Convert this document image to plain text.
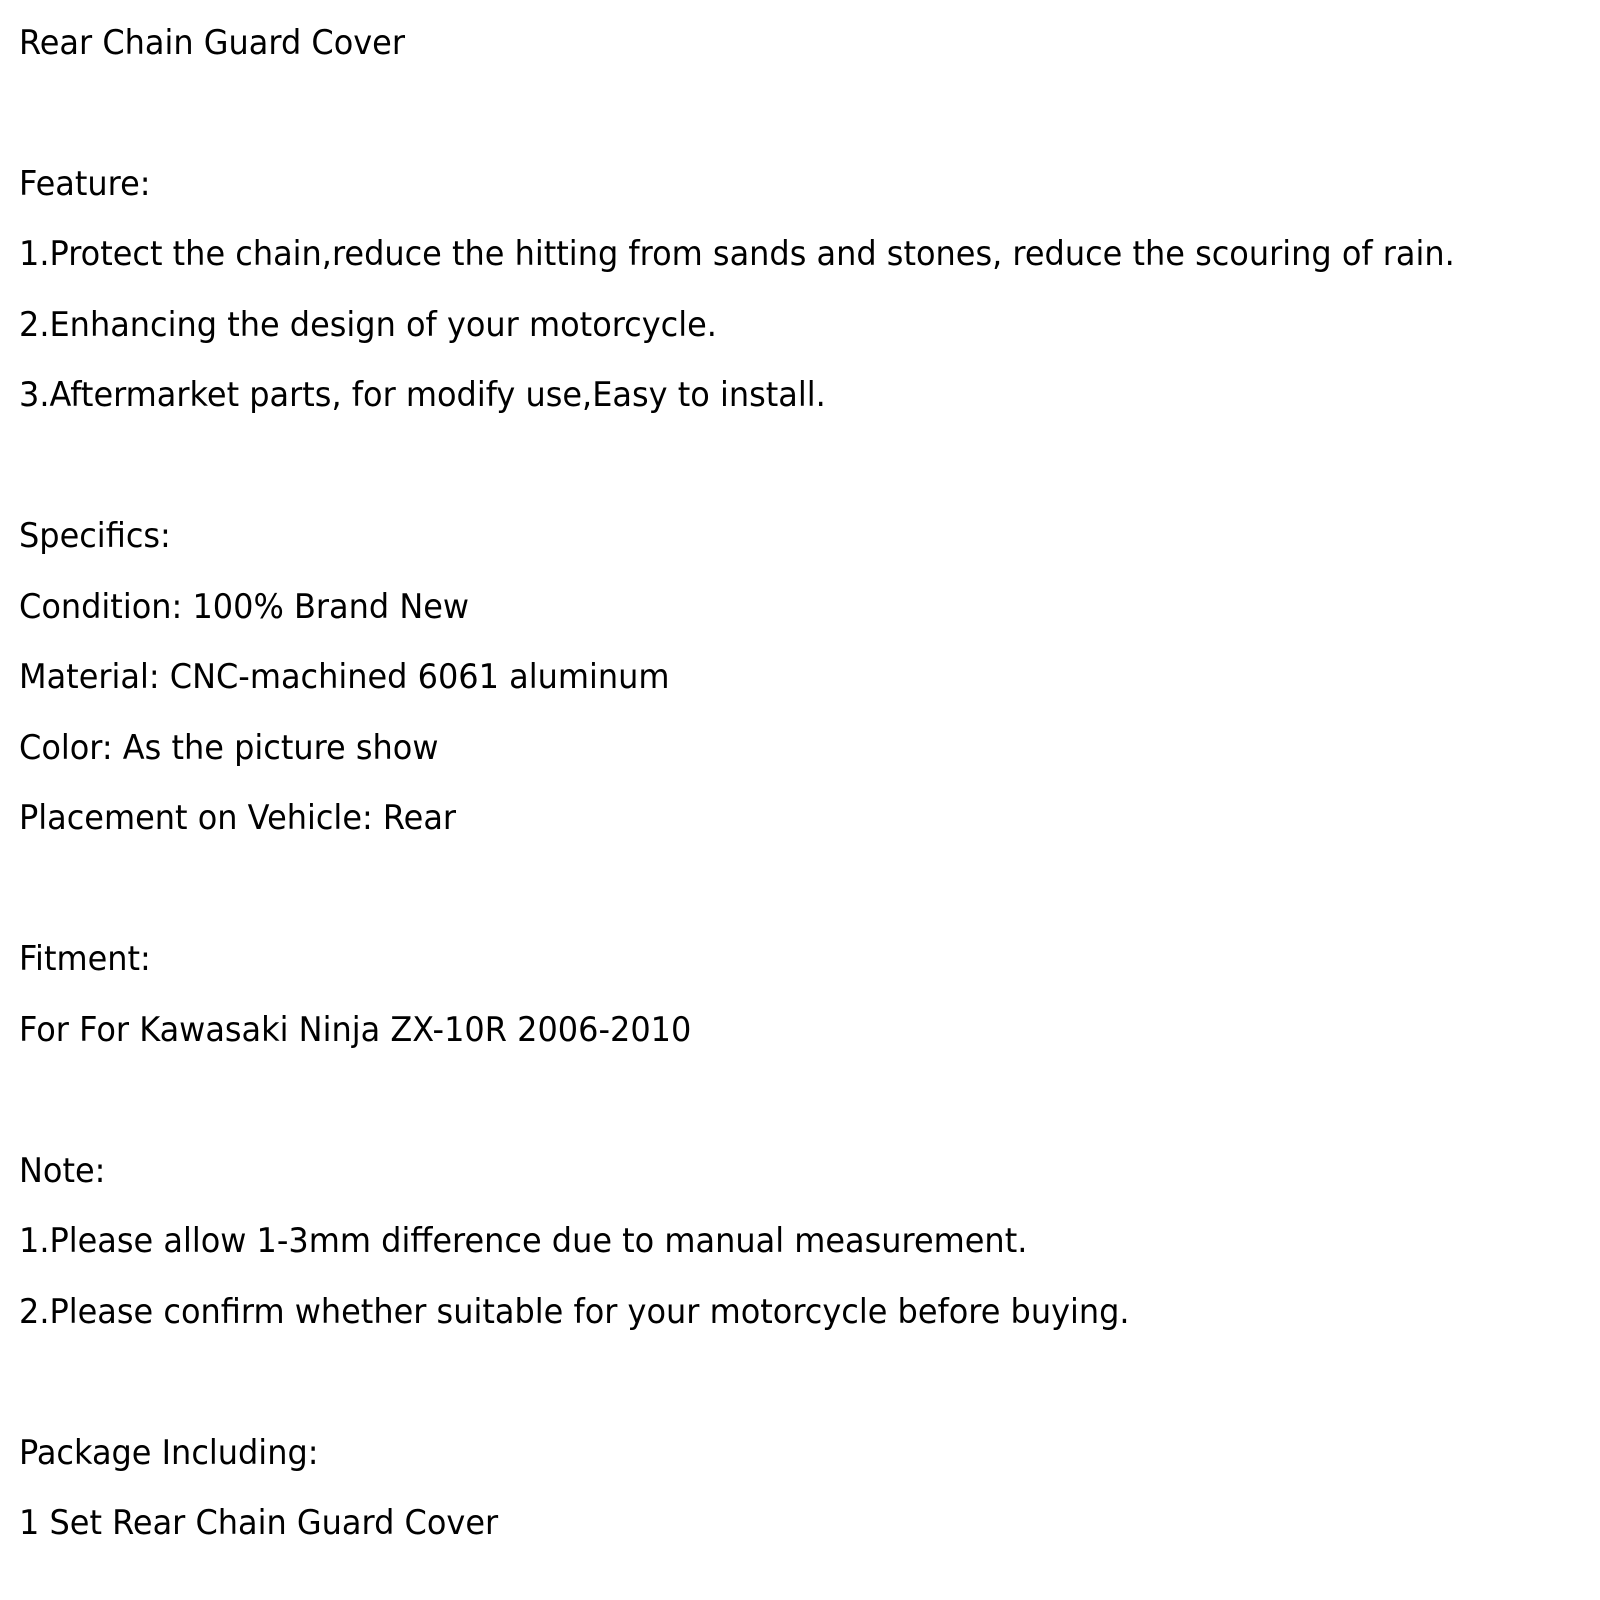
Rear Chain Guard Cover
Feature:
1.Protect the chain,reduce the hitting from sands and stones, reduce the scouring of rain.
2.Enhancing the design of your motorcycle.
3.Aftermarket parts, for modify use,Easy to install.
Specifics:
Condition: 100% Brand New
Material: CNC-machined 6061 aluminum
Color: As the picture show
Placement on Vehicle: Rear
Fitment:
For For Kawasaki Ninja ZX-10R 2006-2010
Note:
1.Please allow 1-3mm difference due to manual measurement.
2.Please confirm whether suitable for your motorcycle before buying.
Package Including:
1 Set Rear Chain Guard Cover
